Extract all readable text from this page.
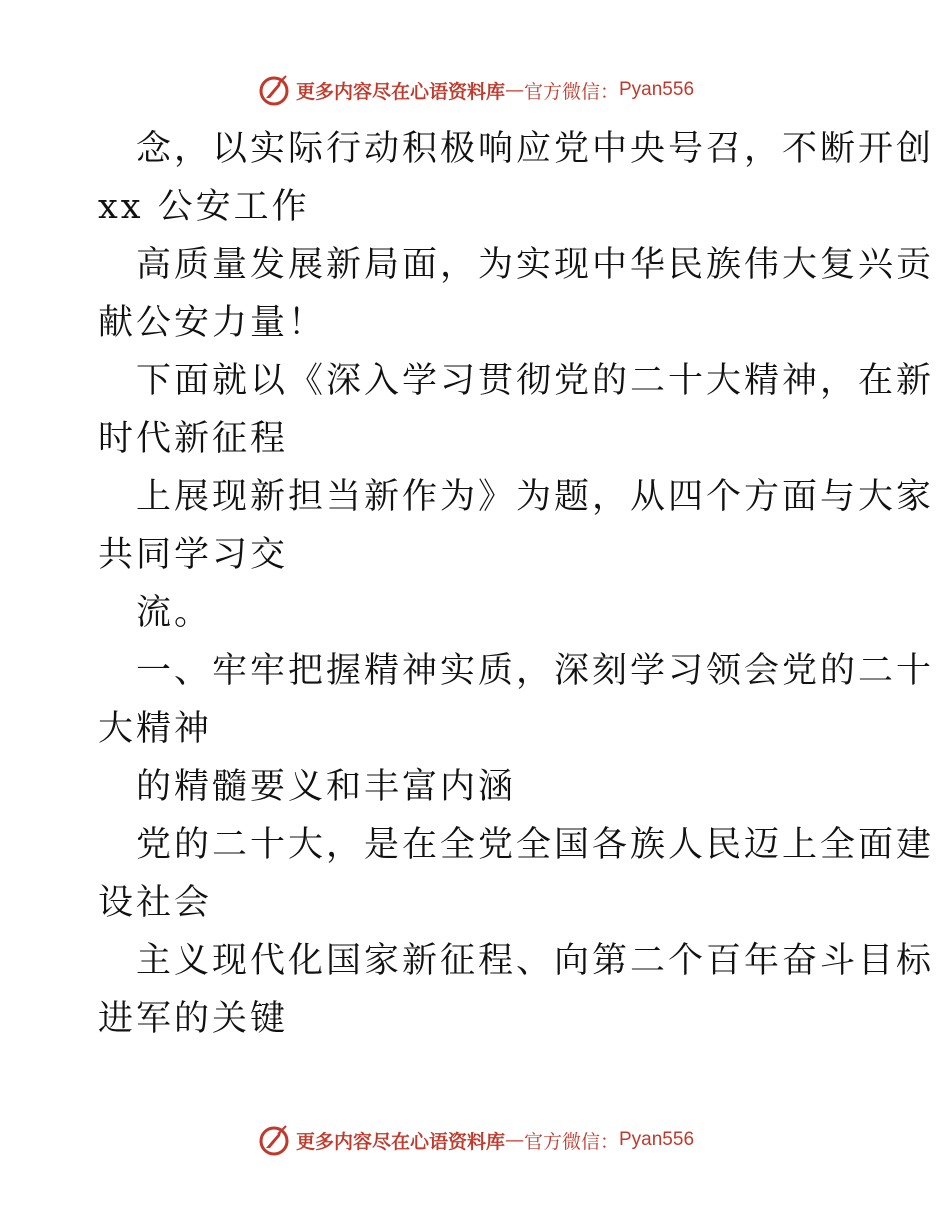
更多内容尽在心语资料库 — 官方微信： Pyan556
念，以实际行动积极响应党中央号召，不断开创
xx 公安工作
高质量发展新局面，为实现中华民族伟大复兴贡
献公安力量！
下面就以《深入学习贯彻党的二十大精神，在新
时代新征程
上展现新担当新作为》为题，从四个方面与大家
共同学习交
流。
一、牢牢把握精神实质，深刻学习领会党的二十
大精神
的精髓要义和丰富内涵
党的二十大，是在全党全国各族人民迈上全面建
设社会
主义现代化国家新征程、向第二个百年奋斗目标
进军的关键
更多内容尽在心语资料库 — 官方微信： Pyan556
